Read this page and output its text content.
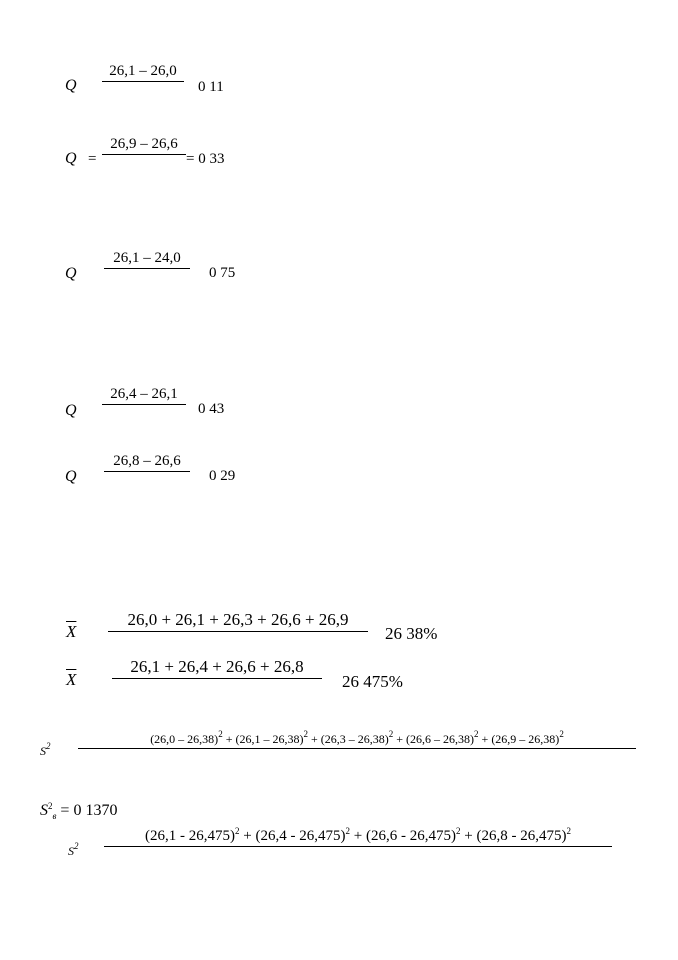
Q
26,1 – 26,0
0 11
Q =
26,9 – 26,6
= 0 33
Q
26,1 – 24,0
0 75
Q
26,4 – 26,1
0 43
Q
26,8 – 26,6
0 29
$\overline{X}$
26,0 + 26,1 + 26,3 + 26,6 + 26,9
26 38%
$\overline{X}$
26,1 + 26,4 + 26,6 + 26,8
26 475%
$S^2$	(26,0 – 26,38)$^2$ + (26,1 – 26,38)$^2$ + (26,3 – 26,38)$^2$ + (26,6 – 26,38)$^2$ + (26,9 – 26,38)$^2$
$S^2_в = 0$ 1370
$S^2$
(26,1 - 26,475)$^2$ + (26,4 - 26,475)$^2$ + (26,6 - 26,475)$^2$ + (26,8 - 26,475)$^2$
